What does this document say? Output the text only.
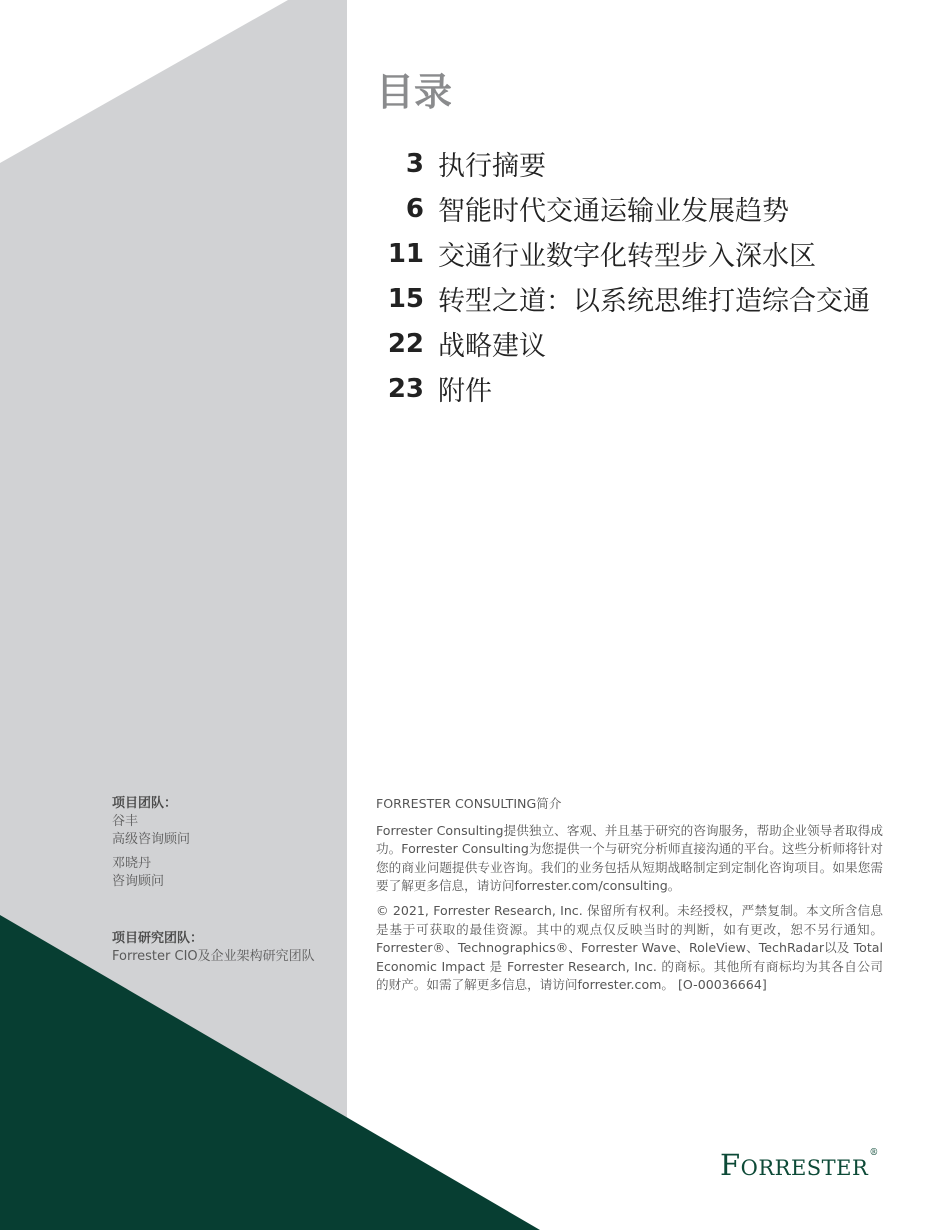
目录
3 执行摘要
6 智能时代交通运输业发展趋势
11 交通行业数字化转型步入深水区
15 转型之道：以系统思维打造综合交通
22 战略建议
23 附件
项目团队：
谷丰
高级咨询顾问
邓晓丹
咨询顾问
项目研究团队：
Forrester CIO及企业架构研究团队
FORRESTER CONSULTING简介

Forrester Consulting提供独立、客观、并且基于研究的咨询服务，帮助企业领导者取得成功。Forrester Consulting为您提供一个与研究分析师直接沟通的平台。这些分析师将针对您的商业问题提供专业咨询。我们的业务包括从短期战略制定到定制化咨询项目。如果您需要了解更多信息，请访问forrester.com/consulting。

© 2021, Forrester Research, Inc. 保留所有权利。未经授权，严禁复制。本文所含信息是基于可获取的最佳资源。其中的观点仅反映当时的判断，如有更改，恕不另行通知。Forrester®、Technographics®、Forrester Wave、RoleView、TechRadar以及 Total Economic Impact 是 Forrester Research, Inc. 的商标。其他所有商标均为其各自公司的财产。如需了解更多信息，请访问forrester.com。 [O-00036664]

FORRESTER®
